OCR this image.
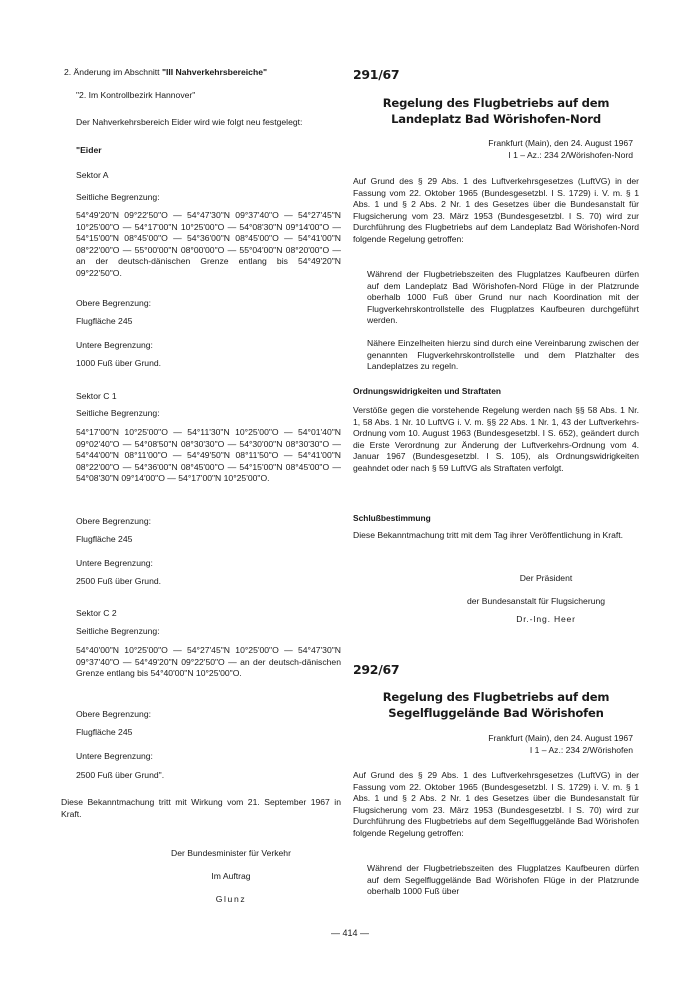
2. Änderung im Abschnitt "III Nahverkehrsbereiche"

"2. Im Kontrollbezirk Hannover"

Der Nahverkehrsbereich Eider wird wie folgt neu festgelegt:

"Eider

Sektor A

Seitliche Begrenzung:

54°49'20"N 09°22'50"O — 54°47'30"N 09°37'40"O — 54°27'45"N 10°25'00"O — 54°17'00"N 10°25'00"O — 54°08'30"N 09°14'00"O — 54°15'00"N 08°45'00"O — 54°36'00"N 08°45'00"O — 54°41'00"N 08°22'00"O — 55°00'00"N 08°00'00"O — 55°04'00"N 08°20'00"O — an der deutsch-dänischen Grenze entlang bis 54°49'20"N 09°22'50"O.

Obere Begrenzung:

Flugfläche 245

Untere Begrenzung:

1000 Fuß über Grund.

Sektor C 1

Seitliche Begrenzung:

54°17'00"N 10°25'00"O — 54°11'30"N 10°25'00"O — 54°01'40"N 09°02'40"O — 54°08'50"N 08°30'30"O — 54°30'00"N 08°30'30"O — 54°44'00"N 08°11'00"O — 54°49'50"N 08°11'50"O — 54°41'00"N 08°22'00"O — 54°36'00"N 08°45'00"O — 54°15'00"N 08°45'00"O — 54°08'30"N 09°14'00"O — 54°17'00"N 10°25'00"O.

Obere Begrenzung:

Flugfläche 245

Untere Begrenzung:

2500 Fuß über Grund.

Sektor C 2

Seitliche Begrenzung:

54°40'00"N 10°25'00"O — 54°27'45"N 10°25'00"O — 54°47'30"N 09°37'40"O — 54°49'20"N 09°22'50"O — an der deutsch-dänischen Grenze entlang bis 54°40'00"N 10°25'00"O.

Obere Begrenzung:

Flugfläche 245

Untere Begrenzung:

2500 Fuß über Grund".

Diese Bekanntmachung tritt mit Wirkung vom 21. September 1967 in Kraft.

Der Bundesminister für Verkehr

Im Auftrag

Glunz

291/67

Regelung des Flugbetriebs auf dem

Landeplatz Bad Wörishofen-Nord

Frankfurt (Main), den 24. August 1967

I 1 – Az.: 234 2/Wörishofen-Nord

Auf Grund des § 29 Abs. 1 des Luftverkehrsgesetzes (LuftVG) in der Fassung vom 22. Oktober 1965 (Bundesgesetzbl. I S. 1729) i. V. m. § 1 Abs. 1 und § 2 Abs. 2 Nr. 1 des Gesetzes über die Bundesanstalt für Flugsicherung vom 23. März 1953 (Bundesgesetzbl. I S. 70) wird zur Durchführung des Flugbetriebs auf dem Landeplatz Bad Wörishofen-Nord folgende Regelung getroffen:

Während der Flugbetriebszeiten des Flugplatzes Kaufbeuren dürfen auf dem Landeplatz Bad Wörishofen-Nord Flüge in der Platzrunde oberhalb 1000 Fuß über Grund nur nach Koordination mit der Flugverkehrskontrollstelle des Flugplatzes Kaufbeuren durchgeführt werden.

Nähere Einzelheiten hierzu sind durch eine Vereinbarung zwischen der genannten Flugverkehrskontrollstelle und dem Platzhalter des Landeplatzes zu regeln.

Ordnungswidrigkeiten und Straftaten

Verstöße gegen die vorstehende Regelung werden nach §§ 58 Abs. 1 Nr. 1, 58 Abs. 1 Nr. 10 LuftVG i. V. m. §§ 22 Abs. 1 Nr. 1, 43 der Luftverkehrs-Ordnung vom 10. August 1963 (Bundesgesetzbl. I S. 652), geändert durch die Erste Verordnung zur Änderung der Luftverkehrs-Ordnung vom 4. Januar 1967 (Bundesgesetzbl. I S. 105), als Ordnungswidrigkeiten geahndet oder nach § 59 LuftVG als Straftaten verfolgt.

Schlußbestimmung

Diese Bekanntmachung tritt mit dem Tag ihrer Veröffentlichung in Kraft.

Der Präsident

der Bundesanstalt für Flugsicherung

Dr.-Ing. Heer

292/67

Regelung des Flugbetriebs auf dem

Segelfluggelände Bad Wörishofen

Frankfurt (Main), den 24. August 1967

I 1 – Az.: 234 2/Wörishofen

Auf Grund des § 29 Abs. 1 des Luftverkehrsgesetzes (LuftVG) in der Fassung vom 22. Oktober 1965 (Bundesgesetzbl. I S. 1729) i. V. m. § 1 Abs. 1 und § 2 Abs. 2 Nr. 1 des Gesetzes über die Bundesanstalt für Flugsicherung vom 23. März 1953 (Bundesgesetzbl. I S. 70) wird zur Durchführung des Flugbetriebs auf dem Segelfluggelände Bad Wörishofen folgende Regelung getroffen:

Während der Flugbetriebszeiten des Flugplatzes Kaufbeuren dürfen auf dem Segelfluggelände Bad Wörishofen Flüge in der Platzrunde oberhalb 1000 Fuß über

— 414 —
